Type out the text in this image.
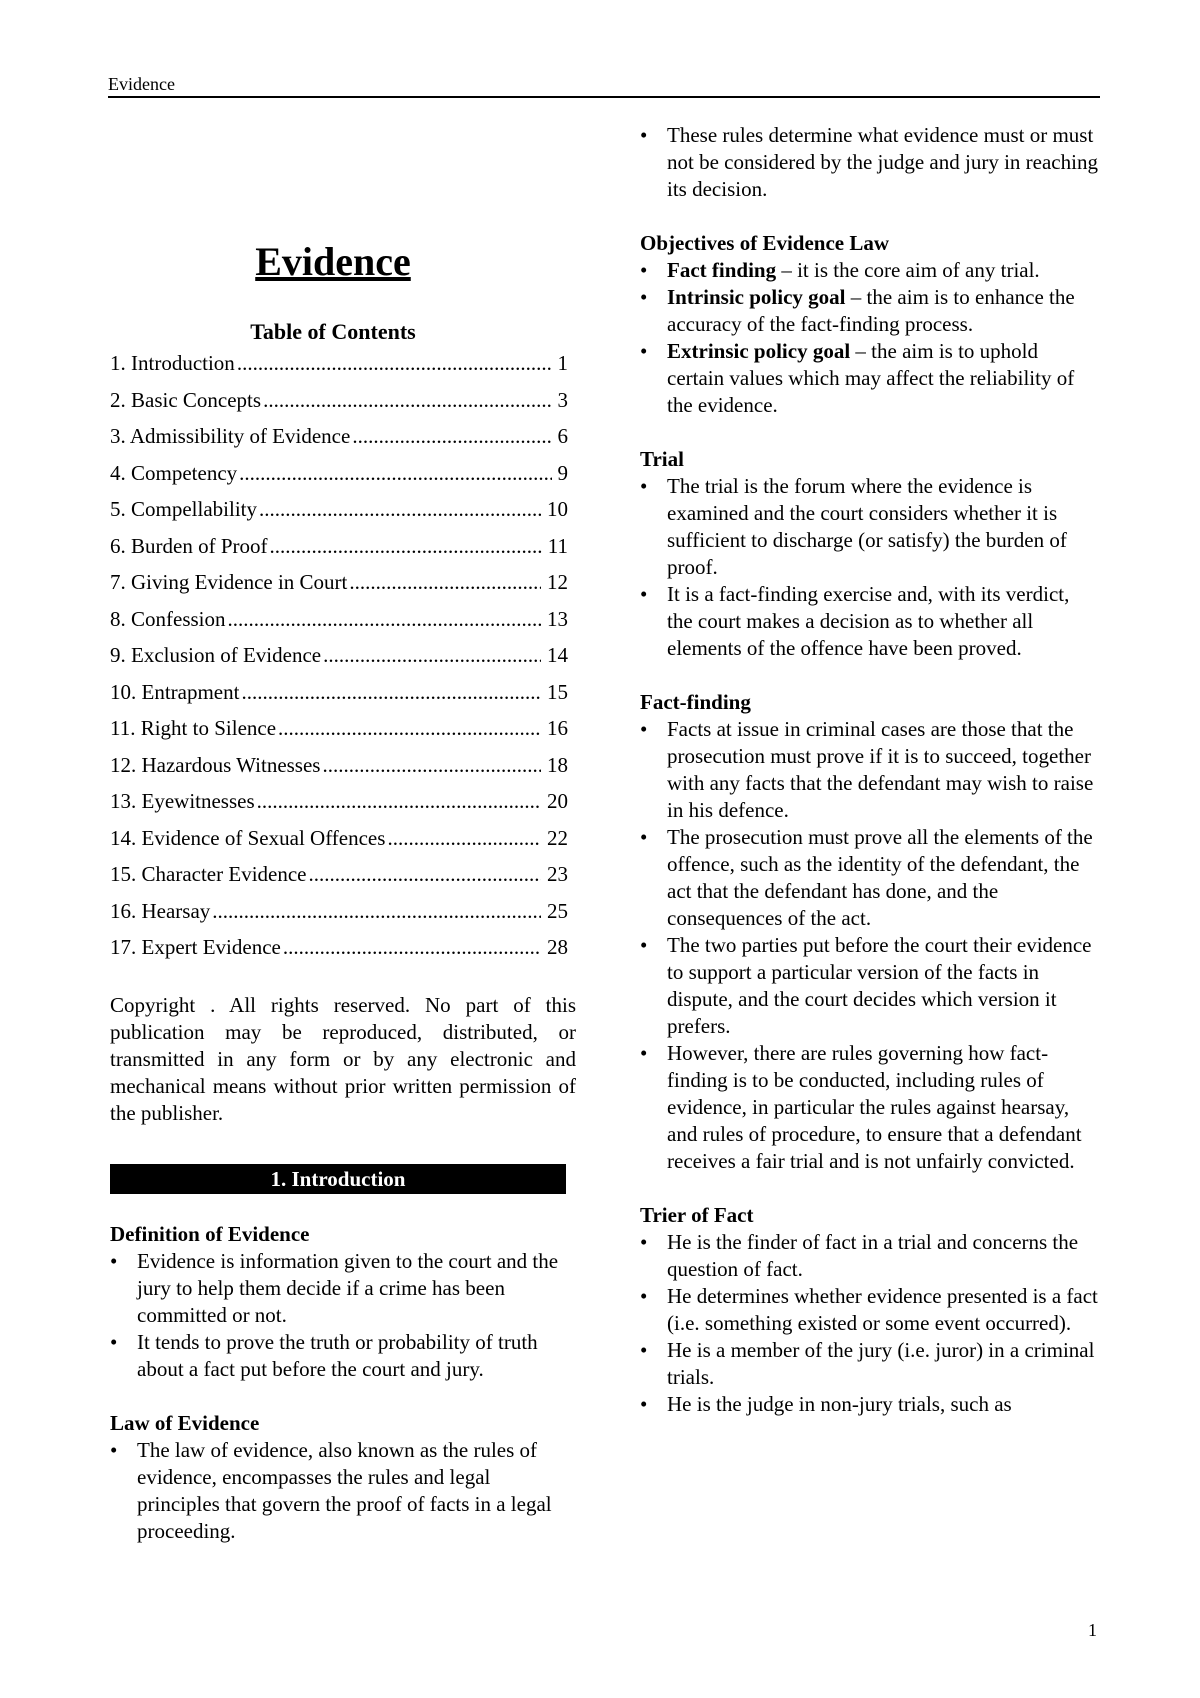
Evidence
Evidence
Table of Contents
1. Introduction .....	1
2. Basic Concepts .....	3
3. Admissibility of Evidence .....	6
4. Competency .....	9
5. Compellability .....	10
6. Burden of Proof .....	11
7. Giving Evidence in Court .....	12
8. Confession .....	13
9. Exclusion of Evidence .....	14
10. Entrapment .....	15
11. Right to Silence .....	16
12. Hazardous Witnesses .....	18
13. Eyewitnesses .....	20
14. Evidence of Sexual Offences .....	22
15. Character Evidence .....	23
16. Hearsay .....	25
17. Expert Evidence .....	28
Copyright . All rights reserved. No part of this publication may be reproduced, distributed, or transmitted in any form or by any electronic and mechanical means without prior written permission of the publisher.
1. Introduction
Definition of Evidence
• Evidence is information given to the court and the jury to help them decide if a crime has been committed or not.
• It tends to prove the truth or probability of truth about a fact put before the court and jury.
Law of Evidence
• The law of evidence, also known as the rules of evidence, encompasses the rules and legal principles that govern the proof of facts in a legal proceeding.
• These rules determine what evidence must or must not be considered by the judge and jury in reaching its decision.
Objectives of Evidence Law
• Fact finding – it is the core aim of any trial.
• Intrinsic policy goal – the aim is to enhance the accuracy of the fact-finding process.
• Extrinsic policy goal – the aim is to uphold certain values which may affect the reliability of the evidence.
Trial
• The trial is the forum where the evidence is examined and the court considers whether it is sufficient to discharge (or satisfy) the burden of proof.
• It is a fact-finding exercise and, with its verdict, the court makes a decision as to whether all elements of the offence have been proved.
Fact-finding
• Facts at issue in criminal cases are those that the prosecution must prove if it is to succeed, together with any facts that the defendant may wish to raise in his defence.
• The prosecution must prove all the elements of the offence, such as the identity of the defendant, the act that the defendant has done, and the consequences of the act.
• The two parties put before the court their evidence to support a particular version of the facts in dispute, and the court decides which version it prefers.
• However, there are rules governing how fact-finding is to be conducted, including rules of evidence, in particular the rules against hearsay, and rules of procedure, to ensure that a defendant receives a fair trial and is not unfairly convicted.
Trier of Fact
• He is the finder of fact in a trial and concerns the question of fact.
• He determines whether evidence presented is a fact (i.e. something existed or some event occurred).
• He is a member of the jury (i.e. juror) in a criminal trials.
• He is the judge in non-jury trials, such as
1
